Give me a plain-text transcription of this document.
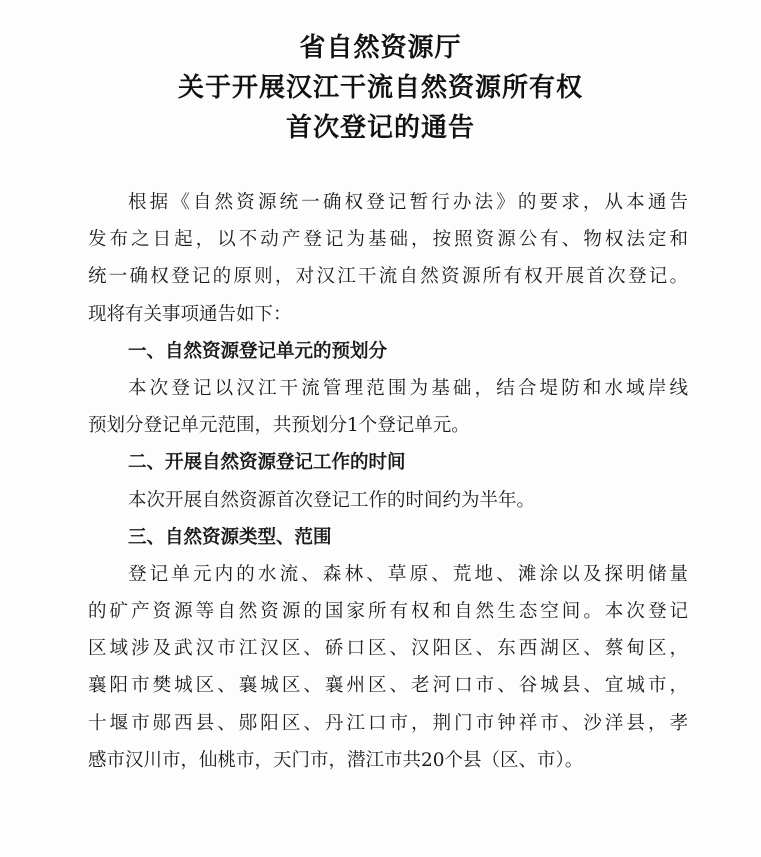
省自然资源厅
关于开展汉江干流自然资源所有权
首次登记的通告
根据《自然资源统一确权登记暂行办法》的要求，从本通告
发布之日起，以不动产登记为基础，按照资源公有、物权法定和
统一确权登记的原则，对汉江干流自然资源所有权开展首次登记。
现将有关事项通告如下：
一、自然资源登记单元的预划分
本次登记以汉江干流管理范围为基础，结合堤防和水域岸线
预划分登记单元范围，共预划分1个登记单元。
二、开展自然资源登记工作的时间
本次开展自然资源首次登记工作的时间约为半年。
三、自然资源类型、范围
登记单元内的水流、森林、草原、荒地、滩涂以及探明储量
的矿产资源等自然资源的国家所有权和自然生态空间。本次登记
区域涉及武汉市江汉区、硚口区、汉阳区、东西湖区、蔡甸区，
襄阳市樊城区、襄城区、襄州区、老河口市、谷城县、宜城市，
十堰市郧西县、郧阳区、丹江口市，荆门市钟祥市、沙洋县，孝
感市汉川市，仙桃市，天门市，潜江市共20个县（区、市）。
